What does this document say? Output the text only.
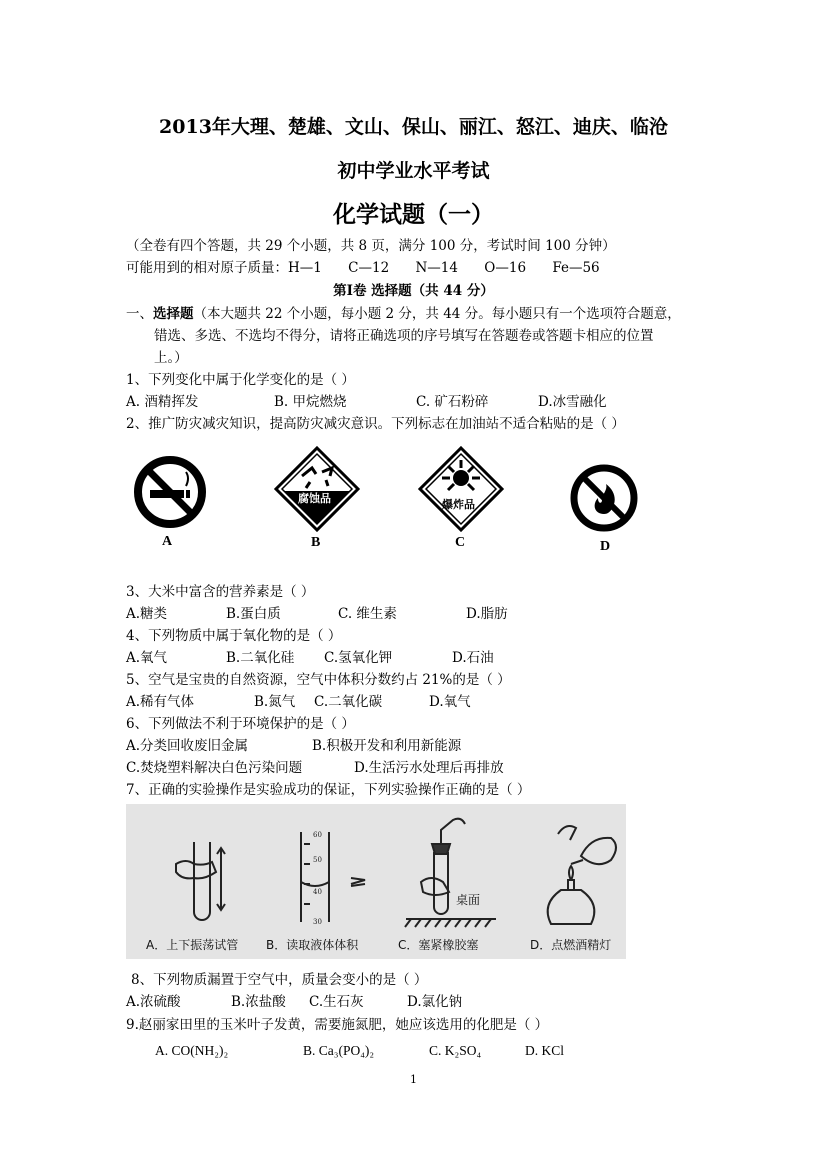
2013年大理、楚雄、文山、保山、丽江、怒江、迪庆、临沧
初中学业水平考试
化学试题（一）
（全卷有四个答题，共 29 个小题，共 8 页，满分 100 分，考试时间 100 分钟）
可能用到的相对原子质量：H—1 C—12 N—14 O—16 Fe—56
第Ⅰ卷 选择题（共 44 分）
一、选择题（本大题共 22 个小题，每小题 2 分，共 44 分。每小题只有一个选项符合题意，
错选、多选、不选均不得分，请将正确选项的序号填写在答题卷或答题卡相应的位置
上。）
1、下列变化中属于化学变化的是（ ）
A. 酒精挥发	B. 甲烷燃烧	C. 矿石粉碎	D.冰雪融化
2、推广防灾减灾知识，提高防灾减灾意识。下列标志在加油站不适合粘贴的是（ ）
A
腐蚀品
B
爆炸品
C	D
3、大米中富含的营养素是（ ）
A.糖类	B.蛋白质	C. 维生素	D.脂肪
4、下列物质中属于氧化物的是（ ）
A.氧气	B.二氧化硅	C.氢氧化钾	D.石油
5、空气是宝贵的自然资源，空气中体积分数约占 21%的是（ ）
A.稀有气体	B.氮气	C.二氧化碳	D.氧气
6、下列做法不利于环境保护的是（ ）
A.分类回收废旧金属	B.积极开发和利用新能源
C.焚烧塑料解决白色污染问题	D.生活污水处理后再排放
7、正确的实验操作是实验成功的保证，下列实验操作正确的是（ ）
60
50
40
30
桌面
A．上下振荡试管 B．读取液体体积	C．塞紧橡胶塞	D．点燃酒精灯
8、下列物质漏置于空气中，质量会变小的是（ ）
A.浓硫酸	B.浓盐酸	C.生石灰	D.氯化钠
9.赵丽家田里的玉米叶子发黄，需要施氮肥，她应该选用的化肥是（ ）
A. CO(NH₂)₂	B. Ca₃(PO₄)₂	C. K₂SO₄	D. KCl
1
